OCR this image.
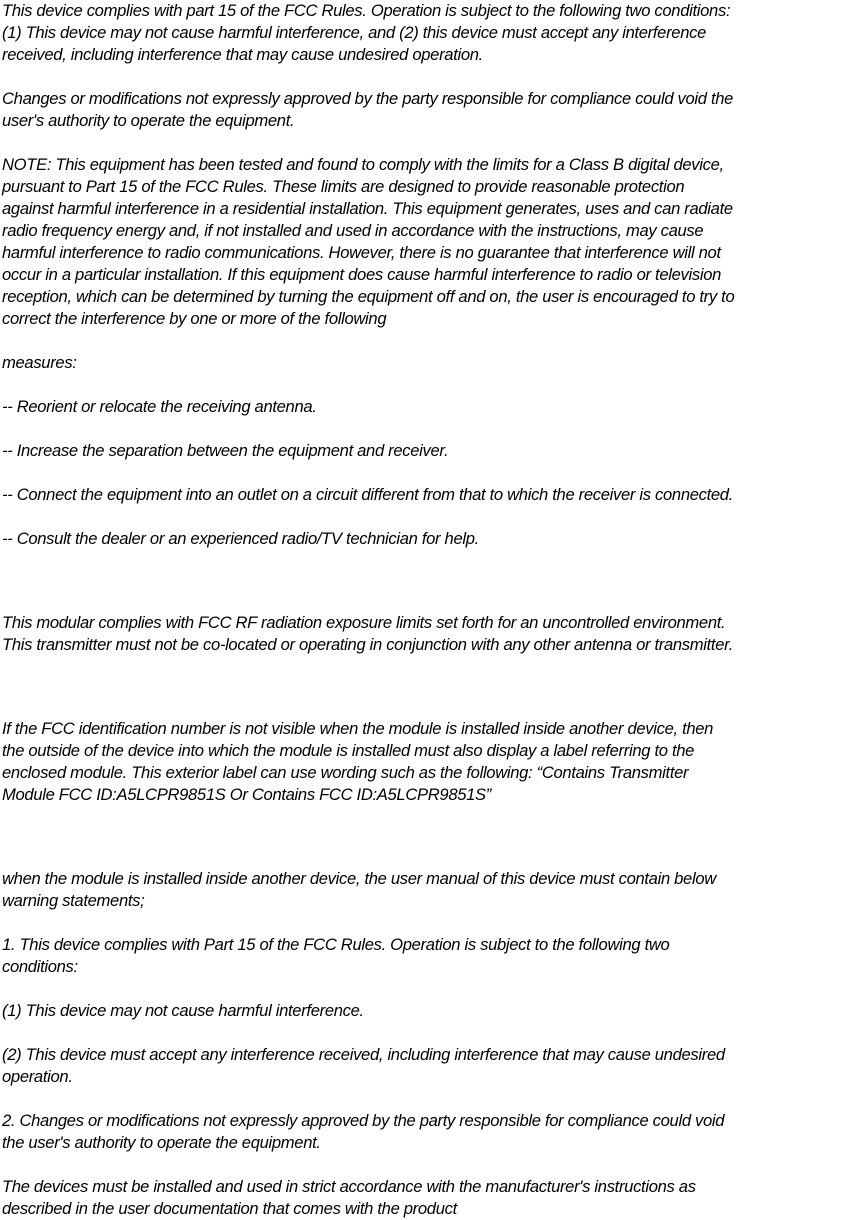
This device complies with part 15 of the FCC Rules. Operation is subject to the following two conditions:
(1) This device may not cause harmful interference, and (2) this device must accept any interference
received, including interference that may cause undesired operation.

Changes or modifications not expressly approved by the party responsible for compliance could void the
user's authority to operate the equipment.

NOTE: This equipment has been tested and found to comply with the limits for a Class B digital device,
pursuant to Part 15 of the FCC Rules. These limits are designed to provide reasonable protection
against harmful interference in a residential installation. This equipment generates, uses and can radiate
radio frequency energy and, if not installed and used in accordance with the instructions, may cause
harmful interference to radio communications. However, there is no guarantee that interference will not
occur in a particular installation. If this equipment does cause harmful interference to radio or television
reception, which can be determined by turning the equipment off and on, the user is encouraged to try to
correct the interference by one or more of the following

measures:

-- Reorient or relocate the receiving antenna.

-- Increase the separation between the equipment and receiver.

-- Connect the equipment into an outlet on a circuit different from that to which the receiver is connected.

-- Consult the dealer or an experienced radio/TV technician for help.

This modular complies with FCC RF radiation exposure limits set forth for an uncontrolled environment.
This transmitter must not be co-located or operating in conjunction with any other antenna or transmitter.

If the FCC identification number is not visible when the module is installed inside another device, then
the outside of the device into which the module is installed must also display a label referring to the
enclosed module. This exterior label can use wording such as the following: “Contains Transmitter
Module FCC ID:A5LCPR9851S Or Contains FCC ID:A5LCPR9851S”

when the module is installed inside another device, the user manual of this device must contain below
warning statements;

1. This device complies with Part 15 of the FCC Rules. Operation is subject to the following two
conditions:

(1) This device may not cause harmful interference.

(2) This device must accept any interference received, including interference that may cause undesired
operation.

2. Changes or modifications not expressly approved by the party responsible for compliance could void
the user's authority to operate the equipment.

The devices must be installed and used in strict accordance with the manufacturer's instructions as
described in the user documentation that comes with the product
